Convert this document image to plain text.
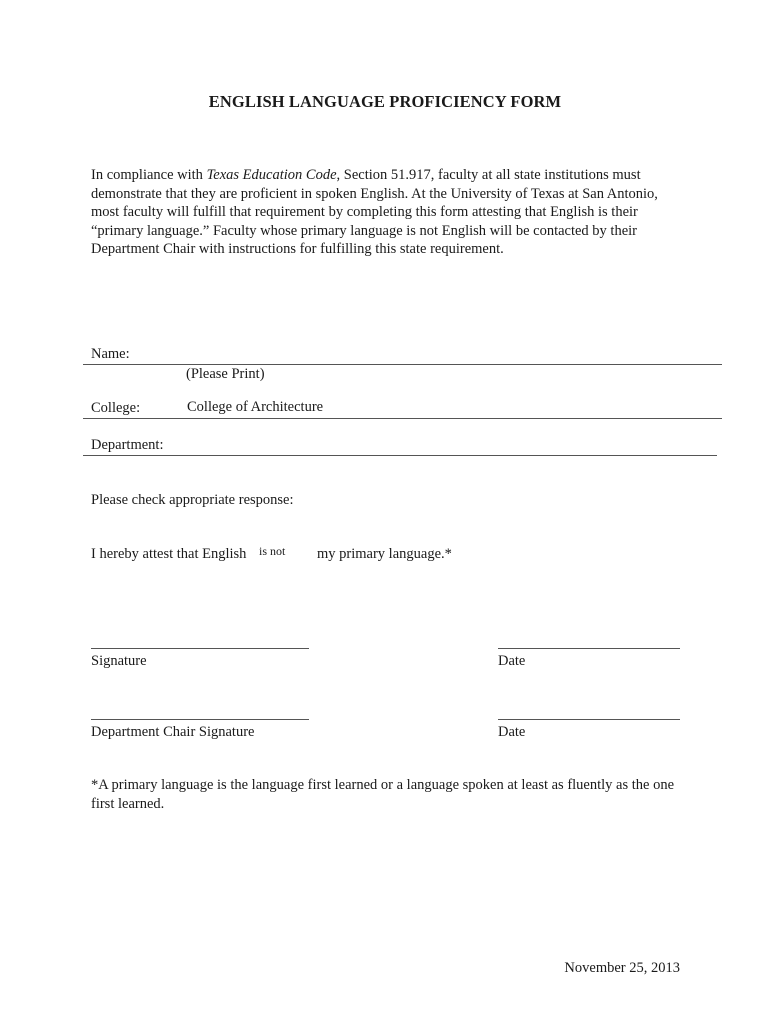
ENGLISH LANGUAGE PROFICIENCY FORM

In compliance with Texas Education Code, Section 51.917, faculty at all state institutions must demonstrate that they are proficient in spoken English. At the University of Texas at San Antonio, most faculty will fulfill that requirement by completing this form attesting that English is their “primary language.” Faculty whose primary language is not English will be contacted by their Department Chair with instructions for fulfilling this state requirement.

Name:
(Please Print)
College:	College of Architecture
Department:
Please check appropriate response:
I hereby attest that English is not my primary language.*
Signature	Date
Department Chair Signature	Date

*A primary language is the language first learned or a language spoken at least as fluently as the one first learned.

November 25, 2013
